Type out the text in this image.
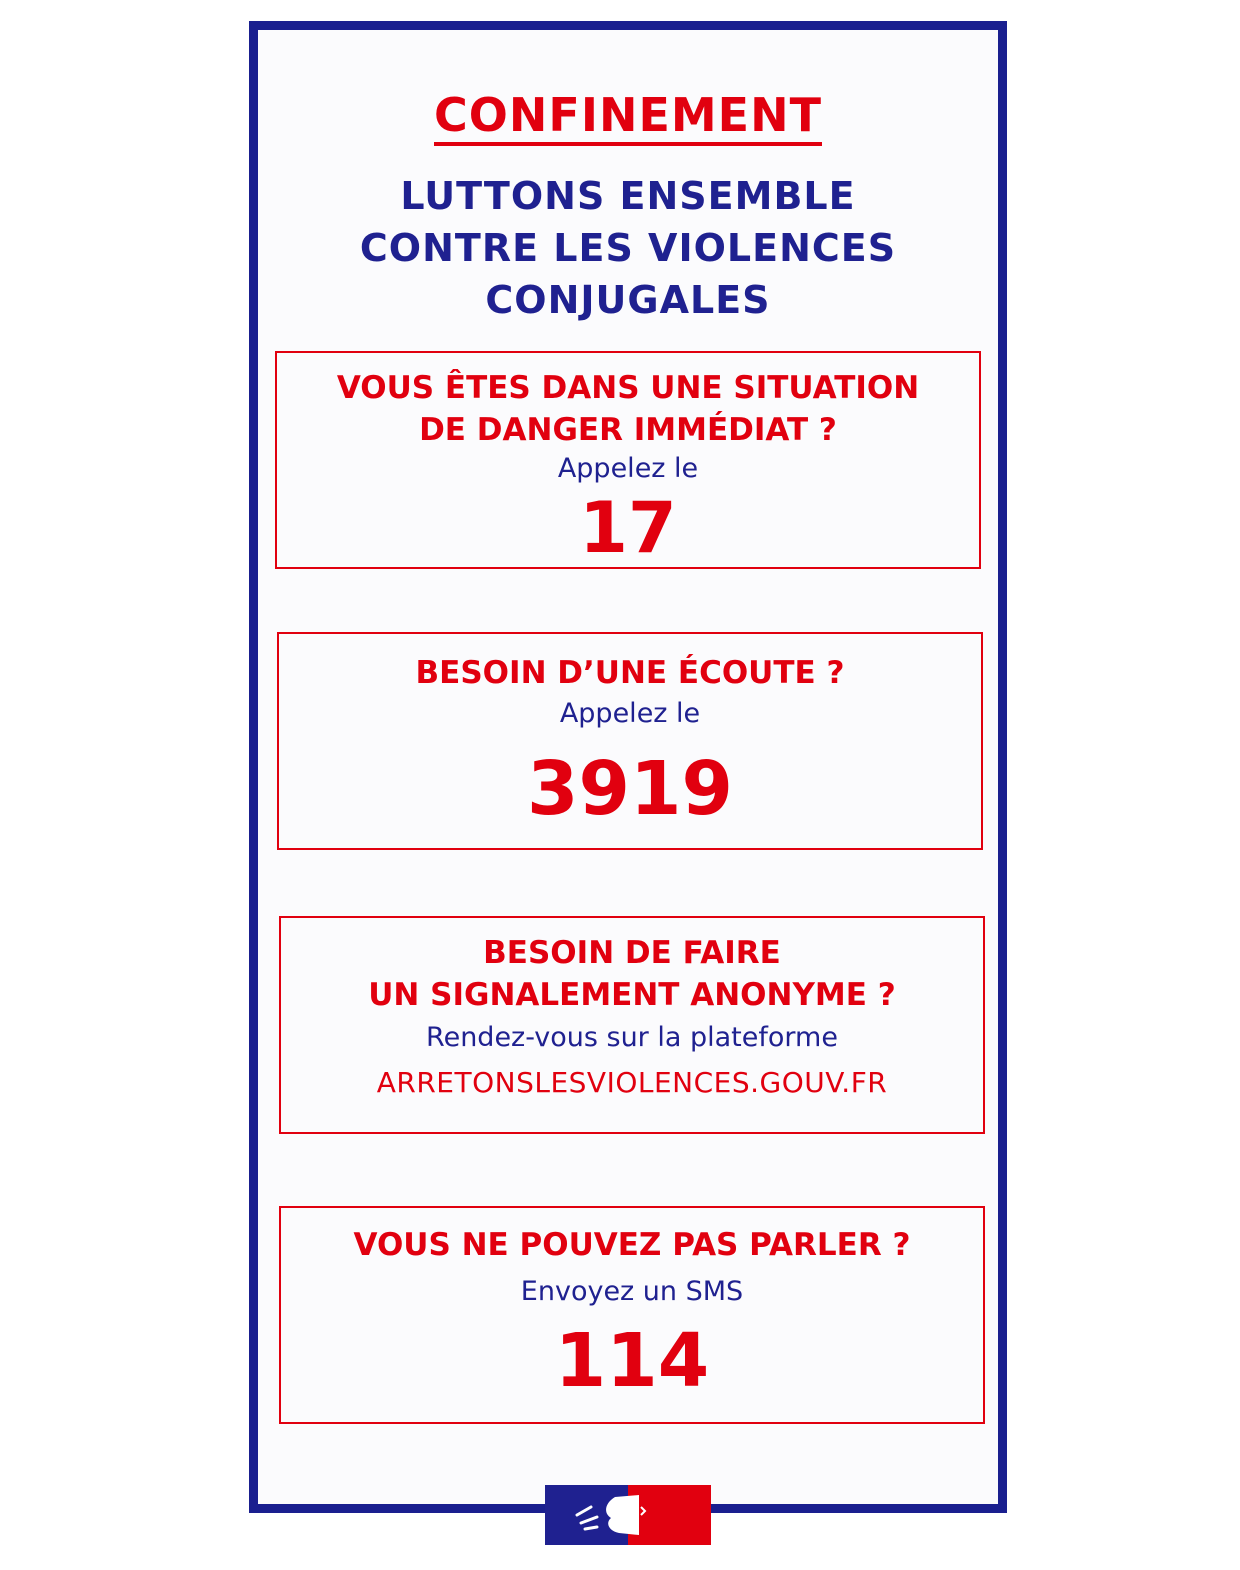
CONFINEMENT
LUTTONS ENSEMBLE
CONTRE LES VIOLENCES
CONJUGALES
VOUS ÊTES DANS UNE SITUATION
DE DANGER IMMÉDIAT ?
Appelez le
17
BESOIN D’UNE ÉCOUTE ?
Appelez le
3919
BESOIN DE FAIRE
UN SIGNALEMENT ANONYME ?
Rendez-vous sur la plateforme
ARRETONSLESVIOLENCES.GOUV.FR
VOUS NE POUVEZ PAS PARLER ?
Envoyez un SMS
114
